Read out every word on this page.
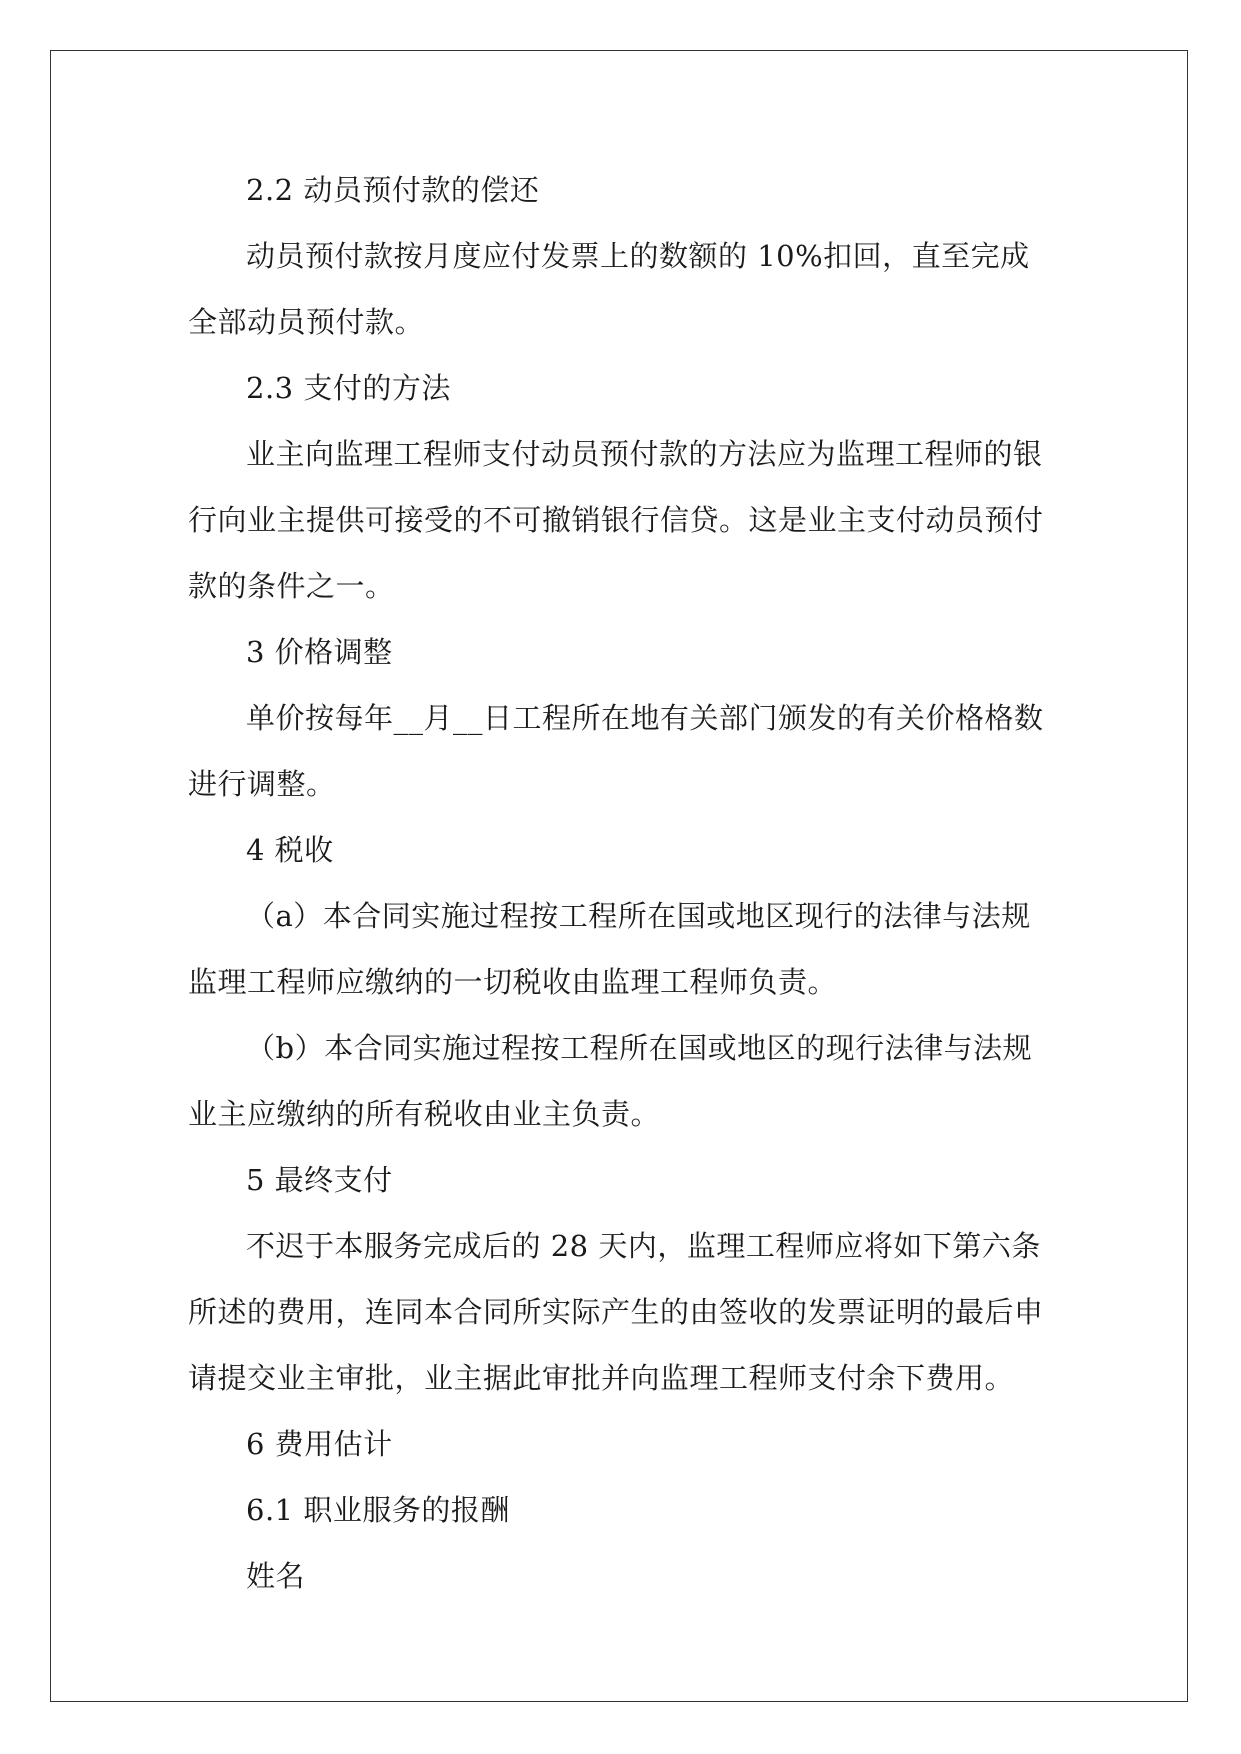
2.2 动员预付款的偿还

动员预付款按月度应付发票上的数额的 10%扣回，直至完成全部动员预付款。

2.3 支付的方法

业主向监理工程师支付动员预付款的方法应为监理工程师的银行向业主提供可接受的不可撤销银行信贷。这是业主支付动员预付款的条件之一。

3 价格调整

单价按每年__月__日工程所在地有关部门颁发的有关价格格数进行调整。

4 税收

（a）本合同实施过程按工程所在国或地区现行的法律与法规监理工程师应缴纳的一切税收由监理工程师负责。

（b）本合同实施过程按工程所在国或地区的现行法律与法规业主应缴纳的所有税收由业主负责。

5 最终支付

不迟于本服务完成后的 28 天内，监理工程师应将如下第六条所述的费用，连同本合同所实际产生的由签收的发票证明的最后申请提交业主审批，业主据此审批并向监理工程师支付余下费用。

6 费用估计

6.1 职业服务的报酬

姓名
